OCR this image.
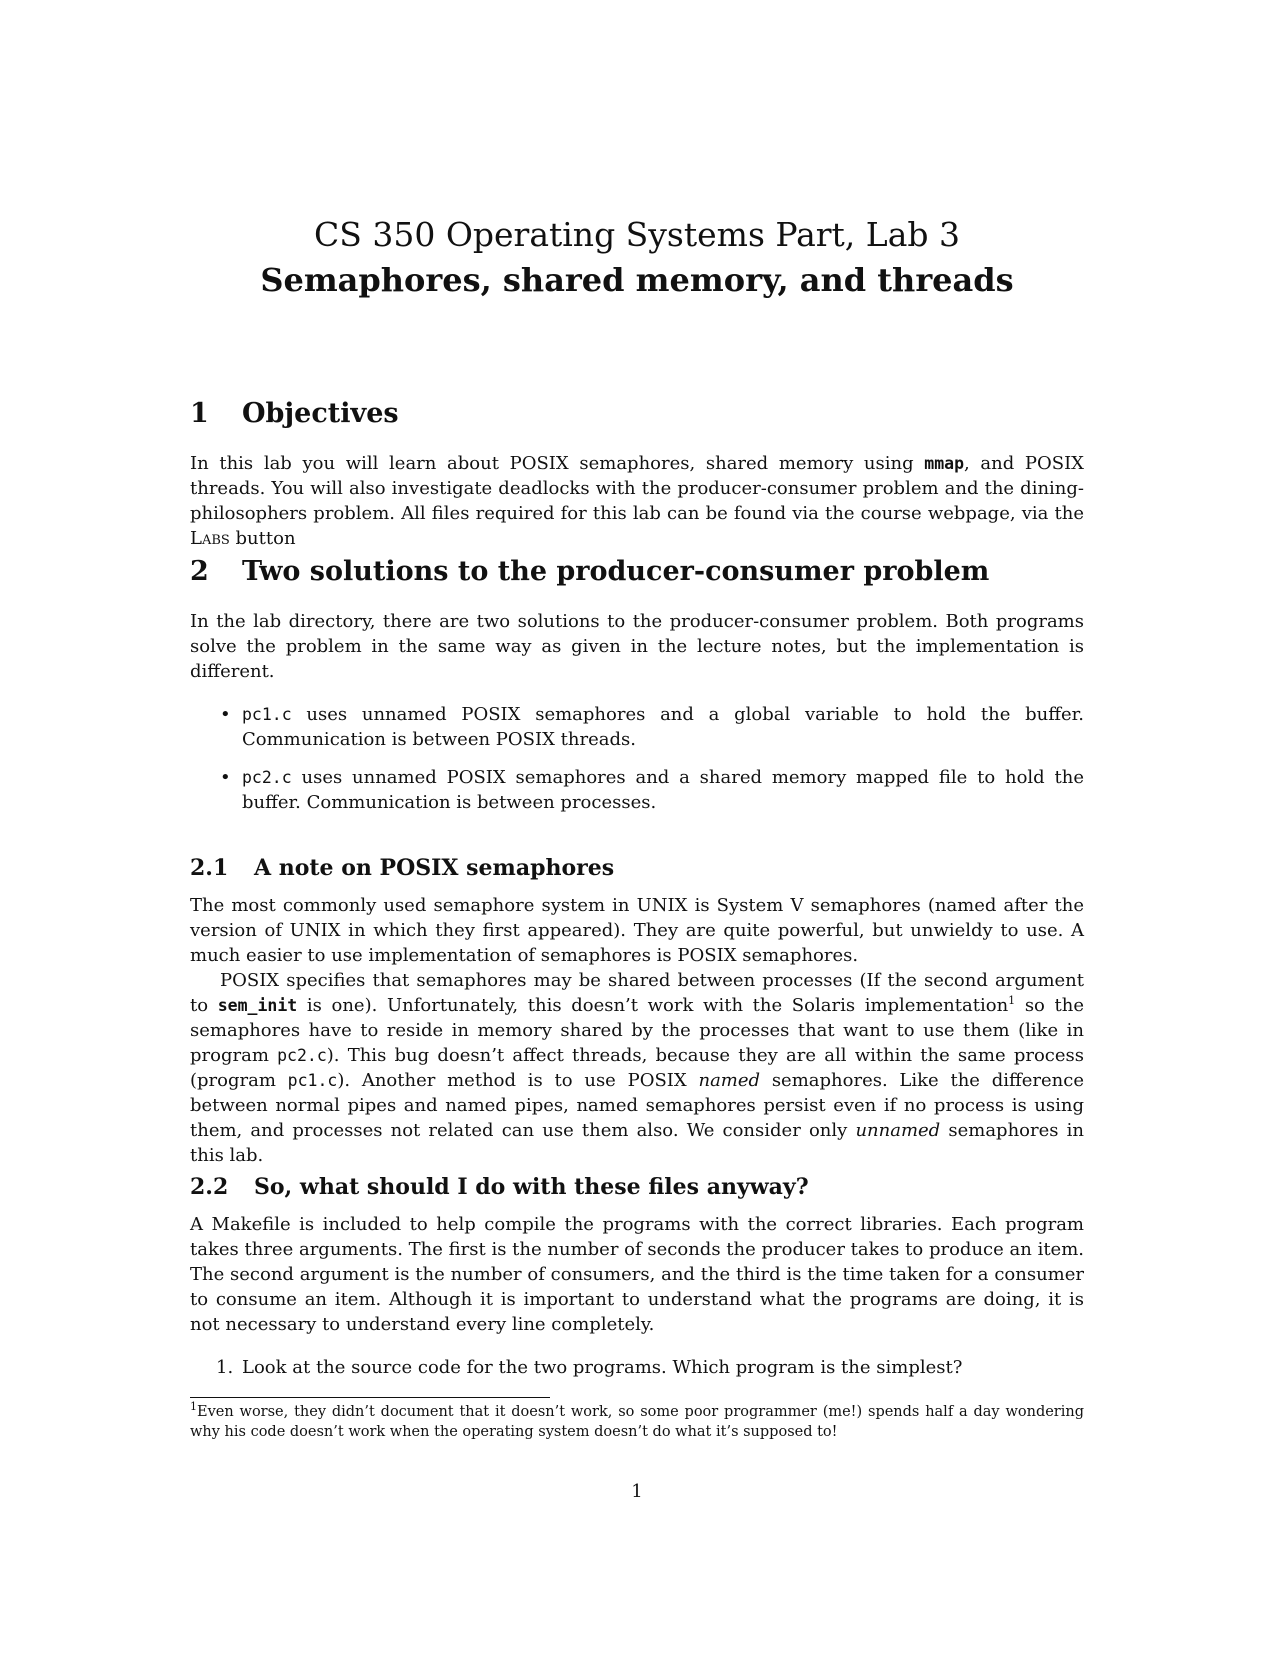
CS 350 Operating Systems Part, Lab 3
Semaphores, shared memory, and threads
1 Objectives

In this lab you will learn about POSIX semaphores, shared memory using mmap, and POSIX threads. You will also investigate deadlocks with the producer-consumer problem and the dining-philosophers problem. All files required for this lab can be found via the course webpage, via the Labs button

2 Two solutions to the producer-consumer problem

In the lab directory, there are two solutions to the producer-consumer problem. Both programs solve the problem in the same way as given in the lecture notes, but the implementation is different.

• pc1.c uses unnamed POSIX semaphores and a global variable to hold the buffer. Communication is between POSIX threads.
• pc2.c uses unnamed POSIX semaphores and a shared memory mapped file to hold the buffer. Communication is between processes.
2.1 A note on POSIX semaphores

The most commonly used semaphore system in UNIX is System V semaphores (named after the version of UNIX in which they first appeared). They are quite powerful, but unwieldy to use. A much easier to use implementation of semaphores is POSIX semaphores.

POSIX specifies that semaphores may be shared between processes (If the second argument to sem_init is one). Unfortunately, this doesn’t work with the Solaris implementation$^1$ so the semaphores have to reside in memory shared by the processes that want to use them (like in program pc2.c). This bug doesn’t affect threads, because they are all within the same process (program pc1.c). Another method is to use POSIX named semaphores. Like the difference between normal pipes and named pipes, named semaphores persist even if no process is using them, and processes not related can use them also. We consider only unnamed semaphores in this lab.

2.2 So, what should I do with these files anyway?

A Makefile is included to help compile the programs with the correct libraries. Each program takes three arguments. The first is the number of seconds the producer takes to produce an item. The second argument is the number of consumers, and the third is the time taken for a consumer to consume an item. Although it is important to understand what the programs are doing, it is not necessary to understand every line completely.

1. Look at the source code for the two programs. Which program is the simplest?
$^1$Even worse, they didn’t document that it doesn’t work, so some poor programmer (me!) spends half a day wondering why his code doesn’t work when the operating system doesn’t do what it’s supposed to!
1
